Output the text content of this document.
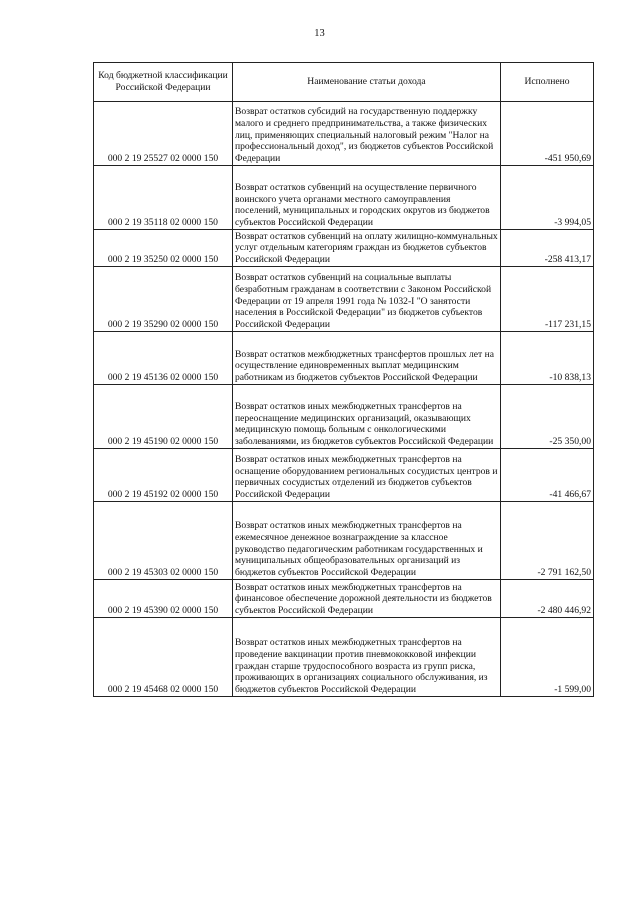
13
Код бюджетной классификации Российской Федерации	Наименование статьи дохода	Исполнено
000 2 19 25527 02 0000 150	Возврат остатков субсидий на государственную поддержку малого и среднего предпринимательства, а также физических лиц, применяющих специальный налоговый режим "Налог на профессиональный доход", из бюджетов субъектов Российской Федерации	-451 950,69
000 2 19 35118 02 0000 150	Возврат остатков субвенций на осуществление первичного воинского учета органами местного самоуправления поселений, муниципальных и городских округов из бюджетов субъектов Российской Федерации	-3 994,05
000 2 19 35250 02 0000 150	Возврат остатков субвенций на оплату жилищно-коммунальных услуг отдельным категориям граждан из бюджетов субъектов Российской Федерации	-258 413,17
000 2 19 35290 02 0000 150	Возврат остатков субвенций на социальные выплаты безработным гражданам в соответствии с Законом Российской Федерации от 19 апреля 1991 года № 1032-I "О занятости населения в Российской Федерации" из бюджетов субъектов Российской Федерации	-117 231,15
000 2 19 45136 02 0000 150	Возврат остатков межбюджетных трансфертов прошлых лет на осуществление единовременных выплат медицинским работникам из бюджетов субъектов Российской Федерации	-10 838,13
000 2 19 45190 02 0000 150	Возврат остатков иных межбюджетных трансфертов на переоснащение медицинских организаций, оказывающих медицинскую помощь больным с онкологическими заболеваниями, из бюджетов субъектов Российской Федерации	-25 350,00
000 2 19 45192 02 0000 150	Возврат остатков иных межбюджетных трансфертов на оснащение оборудованием региональных сосудистых центров и первичных сосудистых отделений из бюджетов субъектов Российской Федерации	-41 466,67
000 2 19 45303 02 0000 150	Возврат остатков иных межбюджетных трансфертов на ежемесячное денежное вознаграждение за классное руководство педагогическим работникам государственных и муниципальных общеобразовательных организаций из бюджетов субъектов Российской Федерации	-2 791 162,50
000 2 19 45390 02 0000 150	Возврат остатков иных межбюджетных трансфертов на финансовое обеспечение дорожной деятельности из бюджетов субъектов Российской Федерации	-2 480 446,92
000 2 19 45468 02 0000 150	Возврат остатков иных межбюджетных трансфертов на проведение вакцинации против пневмококковой инфекции граждан старше трудоспособного возраста из групп риска, проживающих в организациях социального обслуживания, из бюджетов субъектов Российской Федерации	-1 599,00
